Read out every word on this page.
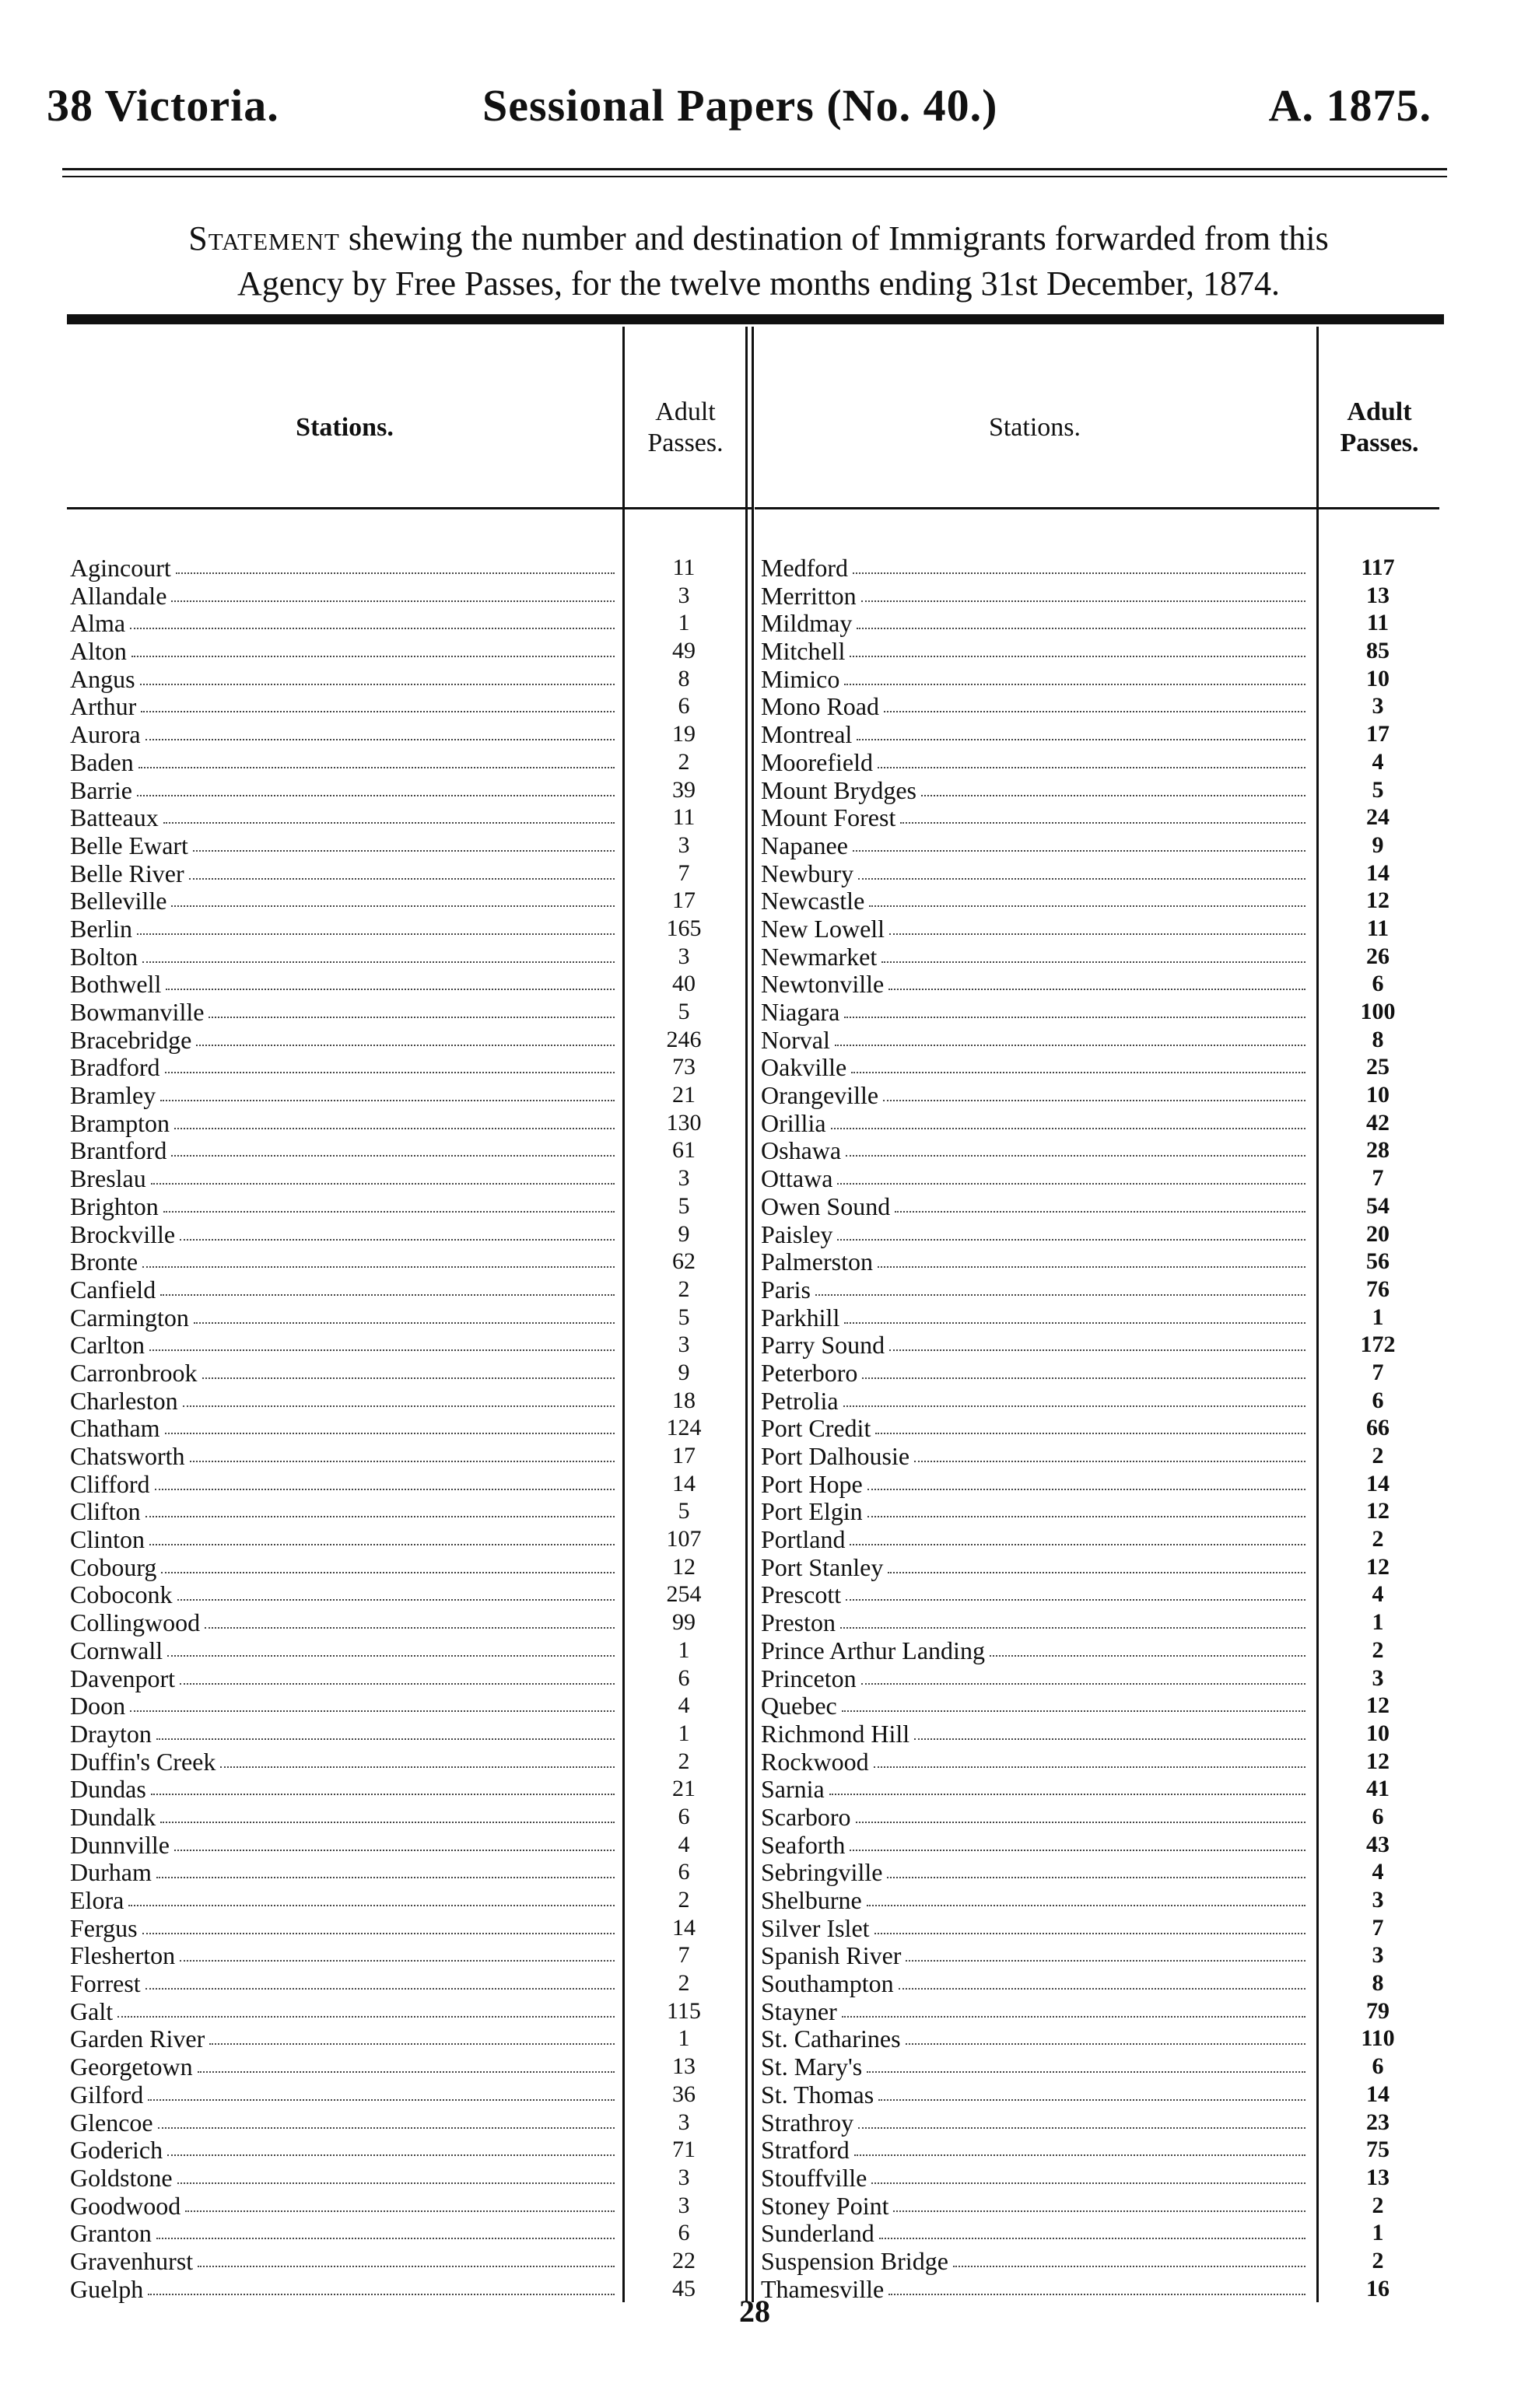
38 Victoria.	Sessional Papers (No. 40.)	A. 1875.
Statement shewing the number and destination of Immigrants forwarded from this
Agency by Free Passes, for the twelve months ending 31st December, 1874.
Stations.
Adult
Passes.
Stations.
Adult
Passes.
Agincourt	11
Allandale	3
Alma	1
Alton	49
Angus	8
Arthur	6
Aurora	19
Baden	2
Barrie	39
Batteaux	11
Belle Ewart	3
Belle River	7
Belleville	17
Berlin	165
Bolton	3
Bothwell	40
Bowmanville	5
Bracebridge	246
Bradford	73
Bramley	21
Brampton	130
Brantford	61
Breslau	3
Brighton	5
Brockville	9
Bronte	62
Canfield	2
Carmington	5
Carlton	3
Carronbrook	9
Charleston	18
Chatham	124
Chatsworth	17
Clifford	14
Clifton	5
Clinton	107
Cobourg	12
Coboconk	254
Collingwood	99
Cornwall	1
Davenport	6
Doon	4
Drayton	1
Duffin's Creek	2
Dundas	21
Dundalk	6
Dunnville	4
Durham	6
Elora	2
Fergus	14
Flesherton	7
Forrest	2
Galt	115
Garden River	1
Georgetown	13
Gilford	36
Glencoe	3
Goderich	71
Goldstone	3
Goodwood	3
Granton	6
Gravenhurst	22
Guelph	45
Medford	117
Merritton	13
Mildmay	11
Mitchell	85
Mimico	10
Mono Road	3
Montreal	17
Moorefield	4
Mount Brydges	5
Mount Forest	24
Napanee	9
Newbury	14
Newcastle	12
New Lowell	11
Newmarket	26
Newtonville	6
Niagara	100
Norval	8
Oakville	25
Orangeville	10
Orillia	42
Oshawa	28
Ottawa	7
Owen Sound	54
Paisley	20
Palmerston	56
Paris	76
Parkhill	1
Parry Sound	172
Peterboro	7
Petrolia	6
Port Credit	66
Port Dalhousie	2
Port Hope	14
Port Elgin	12
Portland	2
Port Stanley	12
Prescott	4
Preston	1
Prince Arthur Landing	2
Princeton	3
Quebec	12
Richmond Hill	10
Rockwood	12
Sarnia	41
Scarboro	6
Seaforth	43
Sebringville	4
Shelburne	3
Silver Islet	7
Spanish River	3
Southampton	8
Stayner	79
St. Catharines	110
St. Mary's	6
St. Thomas	14
Strathroy	23
Stratford	75
Stouffville	13
Stoney Point	2
Sunderland	1
Suspension Bridge	2
Thamesville	16
28
